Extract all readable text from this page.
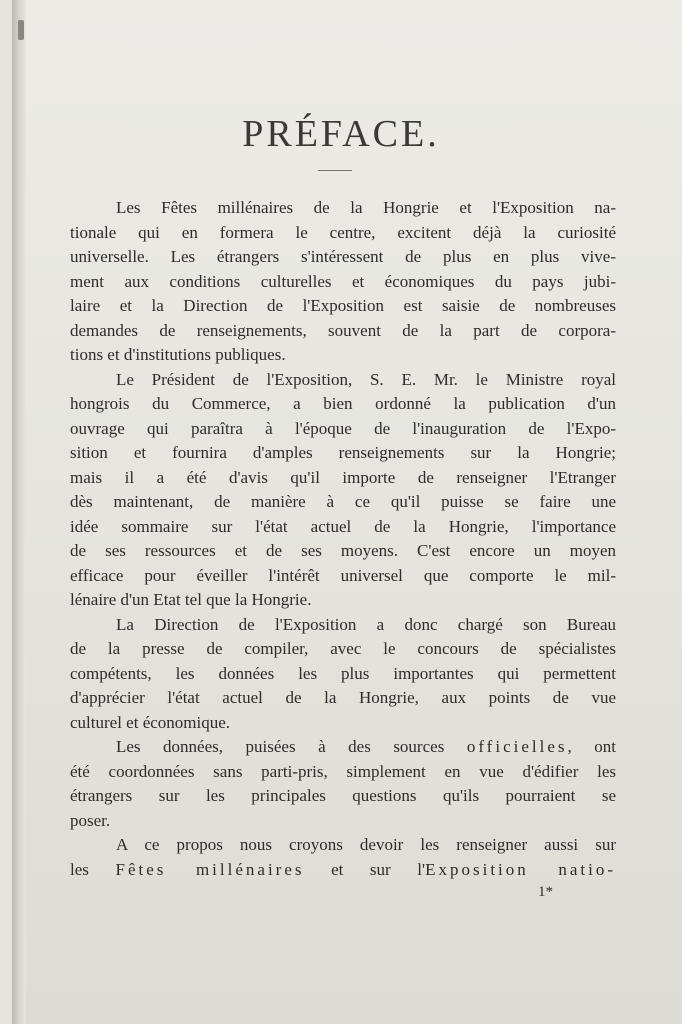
PRÉFACE.

Les Fêtes millénaires de la Hongrie et l'Exposition na-
tionale qui en formera le centre, excitent déjà la curiosité
universelle. Les étrangers s'intéressent de plus en plus vive-
ment aux conditions culturelles et économiques du pays jubi-
laire et la Direction de l'Exposition est saisie de nombreuses
demandes de renseignements, souvent de la part de corpora-
tions et d'institutions publiques.

Le Président de l'Exposition, S. E. Mr. le Ministre royal
hongrois du Commerce, a bien ordonné la publication d'un
ouvrage qui paraîtra à l'époque de l'inauguration de l'Expo-
sition et fournira d'amples renseignements sur la Hongrie;
mais il a été d'avis qu'il importe de renseigner l'Etranger
dès maintenant, de manière à ce qu'il puisse se faire une
idée sommaire sur l'état actuel de la Hongrie, l'importance
de ses ressources et de ses moyens. C'est encore un moyen
efficace pour éveiller l'intérêt universel que comporte le mil-
lénaire d'un Etat tel que la Hongrie.

La Direction de l'Exposition a donc chargé son Bureau
de la presse de compiler, avec le concours de spécialistes
compétents, les données les plus importantes qui permettent
d'apprécier l'état actuel de la Hongrie, aux points de vue
culturel et économique.

Les données, puisées à des sources officielles, ont
été coordonnées sans parti-pris, simplement en vue d'édifier les
étrangers sur les principales questions qu'ils pourraient se
poser.

A ce propos nous croyons devoir les renseigner aussi sur
les Fêtes millénaires et sur l'Exposition natio-

1*
